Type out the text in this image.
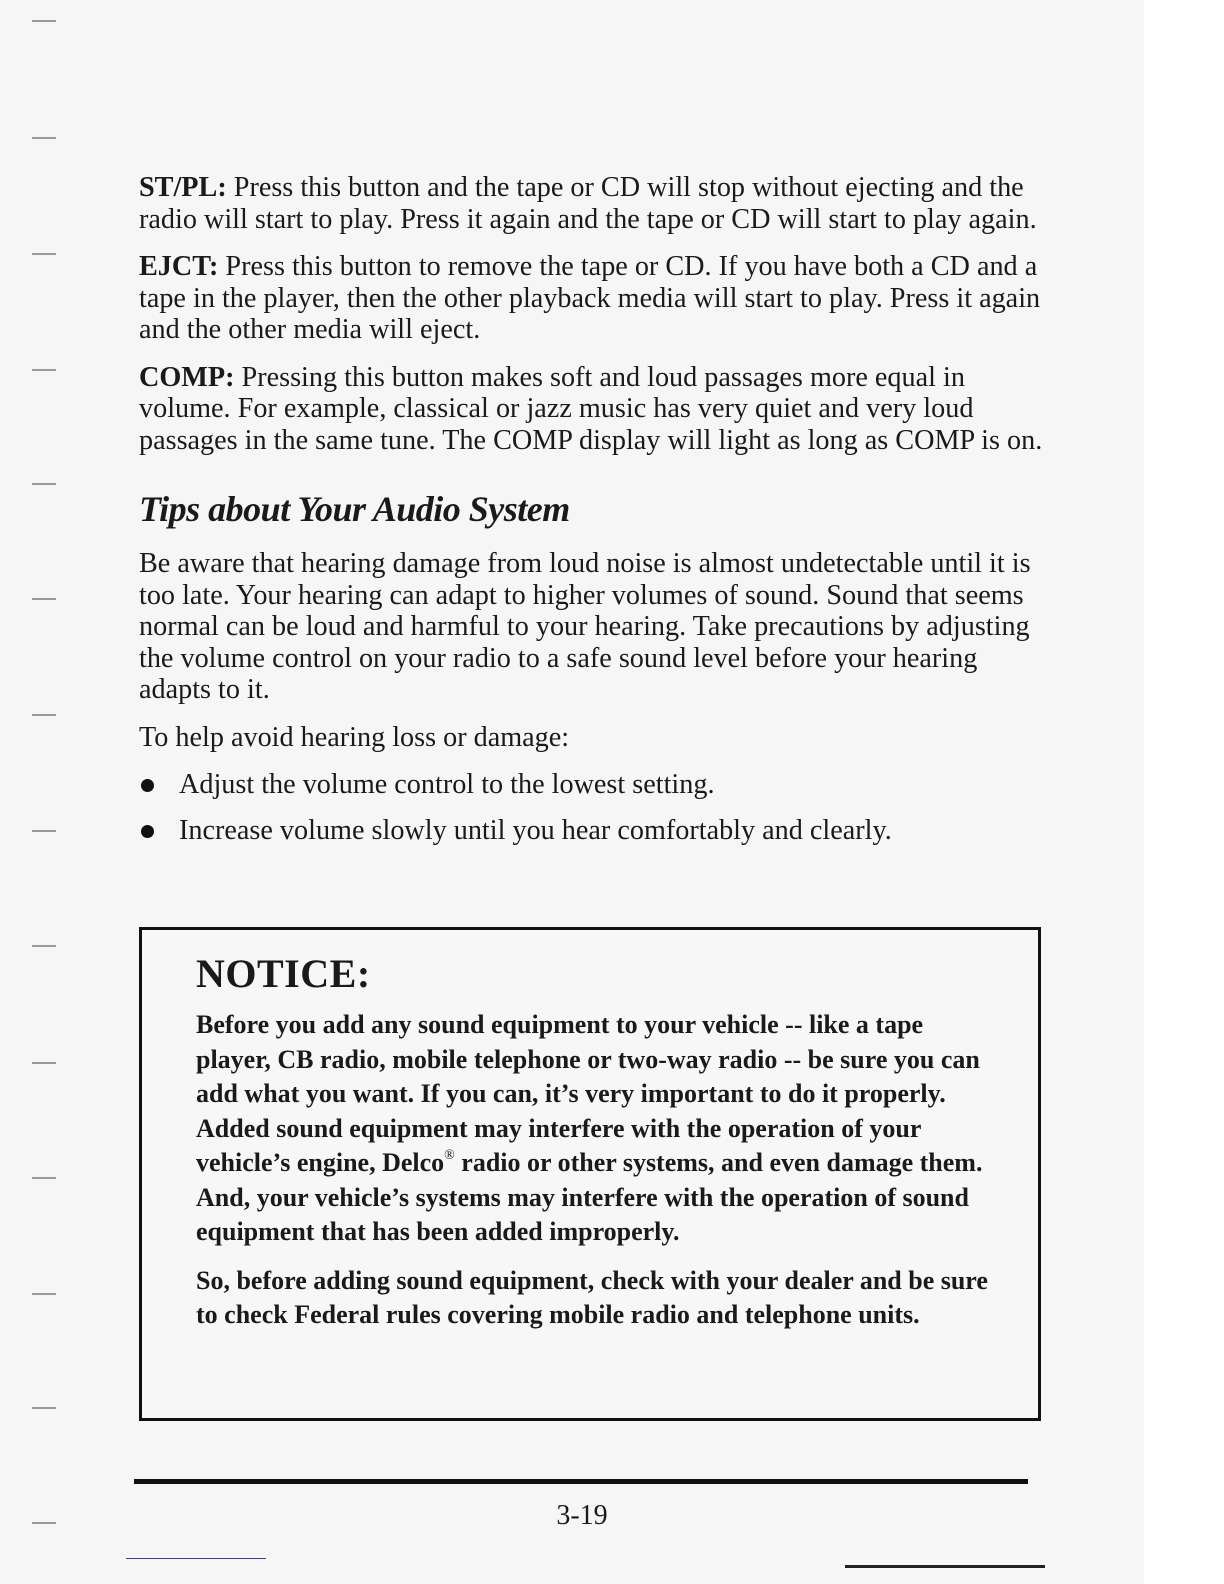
ST/PL: Press this button and the tape or CD will stop without ejecting and the radio will start to play. Press it again and the tape or CD will start to play again.

EJCT: Press this button to remove the tape or CD. If you have both a CD and a tape in the player, then the other playback media will start to play. Press it again and the other media will eject.

COMP: Pressing this button makes soft and loud passages more equal in volume. For example, classical or jazz music has very quiet and very loud passages in the same tune. The COMP display will light as long as COMP is on.

Tips about Your Audio System

Be aware that hearing damage from loud noise is almost undetectable until it is too late. Your hearing can adapt to higher volumes of sound. Sound that seems normal can be loud and harmful to your hearing. Take precautions by adjusting the volume control on your radio to a safe sound level before your hearing adapts to it.

To help avoid hearing loss or damage:

Adjust the volume control to the lowest setting.
Increase volume slowly until you hear comfortably and clearly.
NOTICE:

Before you add any sound equipment to your vehicle -- like a tape player, CB radio, mobile telephone or two-way radio -- be sure you can add what you want. If you can, it’s very important to do it properly. Added sound equipment may interfere with the operation of your vehicle’s engine, Delco® radio or other systems, and even damage them. And, your vehicle’s systems may interfere with the operation of sound equipment that has been added improperly.

So, before adding sound equipment, check with your dealer and be sure to check Federal rules covering mobile radio and telephone units.

3-19
